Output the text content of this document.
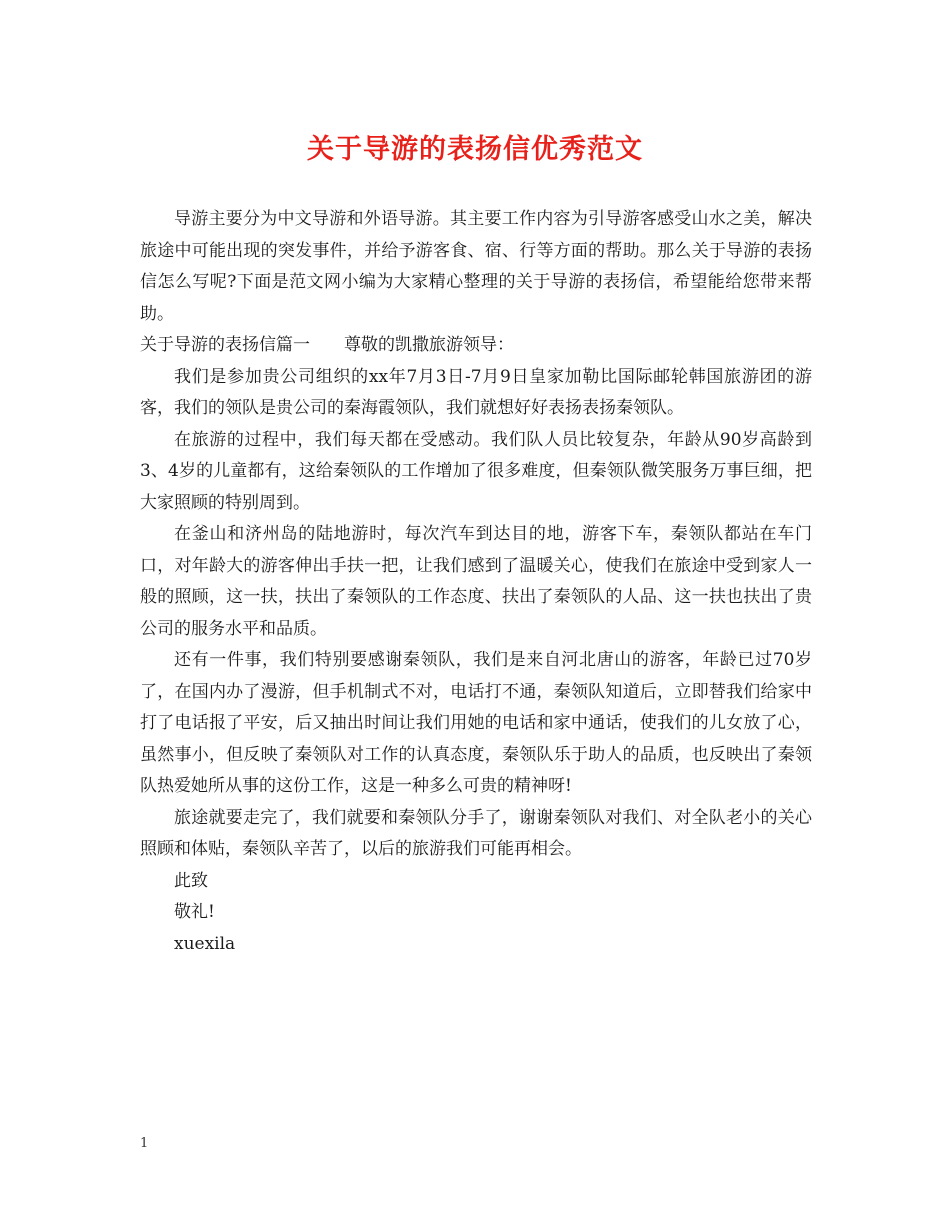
关于导游的表扬信优秀范文

导游主要分为中文导游和外语导游。其主要工作内容为引导游客感受山水之美，解决旅途中可能出现的突发事件，并给予游客食、宿、行等方面的帮助。那么关于导游的表扬信怎么写呢?下面是范文网小编为大家精心整理的关于导游的表扬信，希望能给您带来帮助。

关于导游的表扬信篇一 尊敬的凯撒旅游领导：

我们是参加贵公司组织的xx年7月3日-7月9日皇家加勒比国际邮轮韩国旅游团的游客，我们的领队是贵公司的秦海霞领队，我们就想好好表扬表扬秦领队。

在旅游的过程中，我们每天都在受感动。我们队人员比较复杂，年龄从90岁高龄到3、4岁的儿童都有，这给秦领队的工作增加了很多难度，但秦领队微笑服务万事巨细，把大家照顾的特别周到。

在釜山和济州岛的陆地游时，每次汽车到达目的地，游客下车，秦领队都站在车门口，对年龄大的游客伸出手扶一把，让我们感到了温暖关心，使我们在旅途中受到家人一般的照顾，这一扶，扶出了秦领队的工作态度、扶出了秦领队的人品、这一扶也扶出了贵公司的服务水平和品质。

还有一件事，我们特别要感谢秦领队，我们是来自河北唐山的游客，年龄已过70岁了，在国内办了漫游，但手机制式不对，电话打不通，秦领队知道后，立即替我们给家中打了电话报了平安，后又抽出时间让我们用她的电话和家中通话，使我们的儿女放了心，虽然事小，但反映了秦领队对工作的认真态度，秦领队乐于助人的品质，也反映出了秦领队热爱她所从事的这份工作，这是一种多么可贵的精神呀!

旅途就要走完了，我们就要和秦领队分手了，谢谢秦领队对我们、对全队老小的关心照顾和体贴，秦领队辛苦了，以后的旅游我们可能再相会。

此致

敬礼!

xuexila

1
